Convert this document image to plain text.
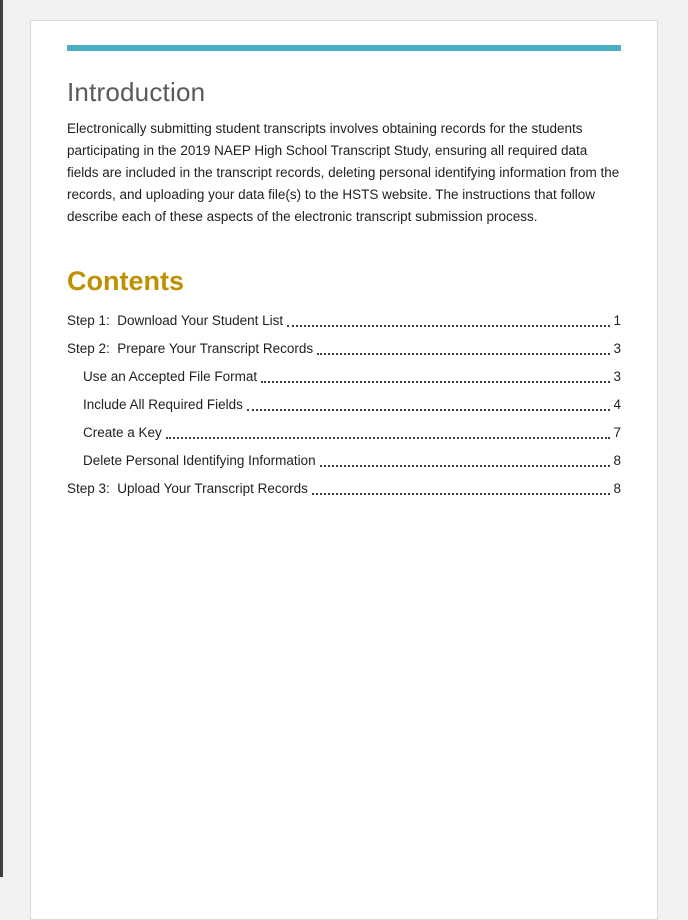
Introduction

Electronically submitting student transcripts involves obtaining records for the students participating in the 2019 NAEP High School Transcript Study, ensuring all required data fields are included in the transcript records, deleting personal identifying information from the records, and uploading your data file(s) to the HSTS website. The instructions that follow describe each of these aspects of the electronic transcript submission process.

Contents
Step 1:  Download Your Student List	1
Step 2:  Prepare Your Transcript Records	3
Use an Accepted File Format	3
Include All Required Fields	4
Create a Key	7
Delete Personal Identifying Information	8
Step 3:  Upload Your Transcript Records	8
